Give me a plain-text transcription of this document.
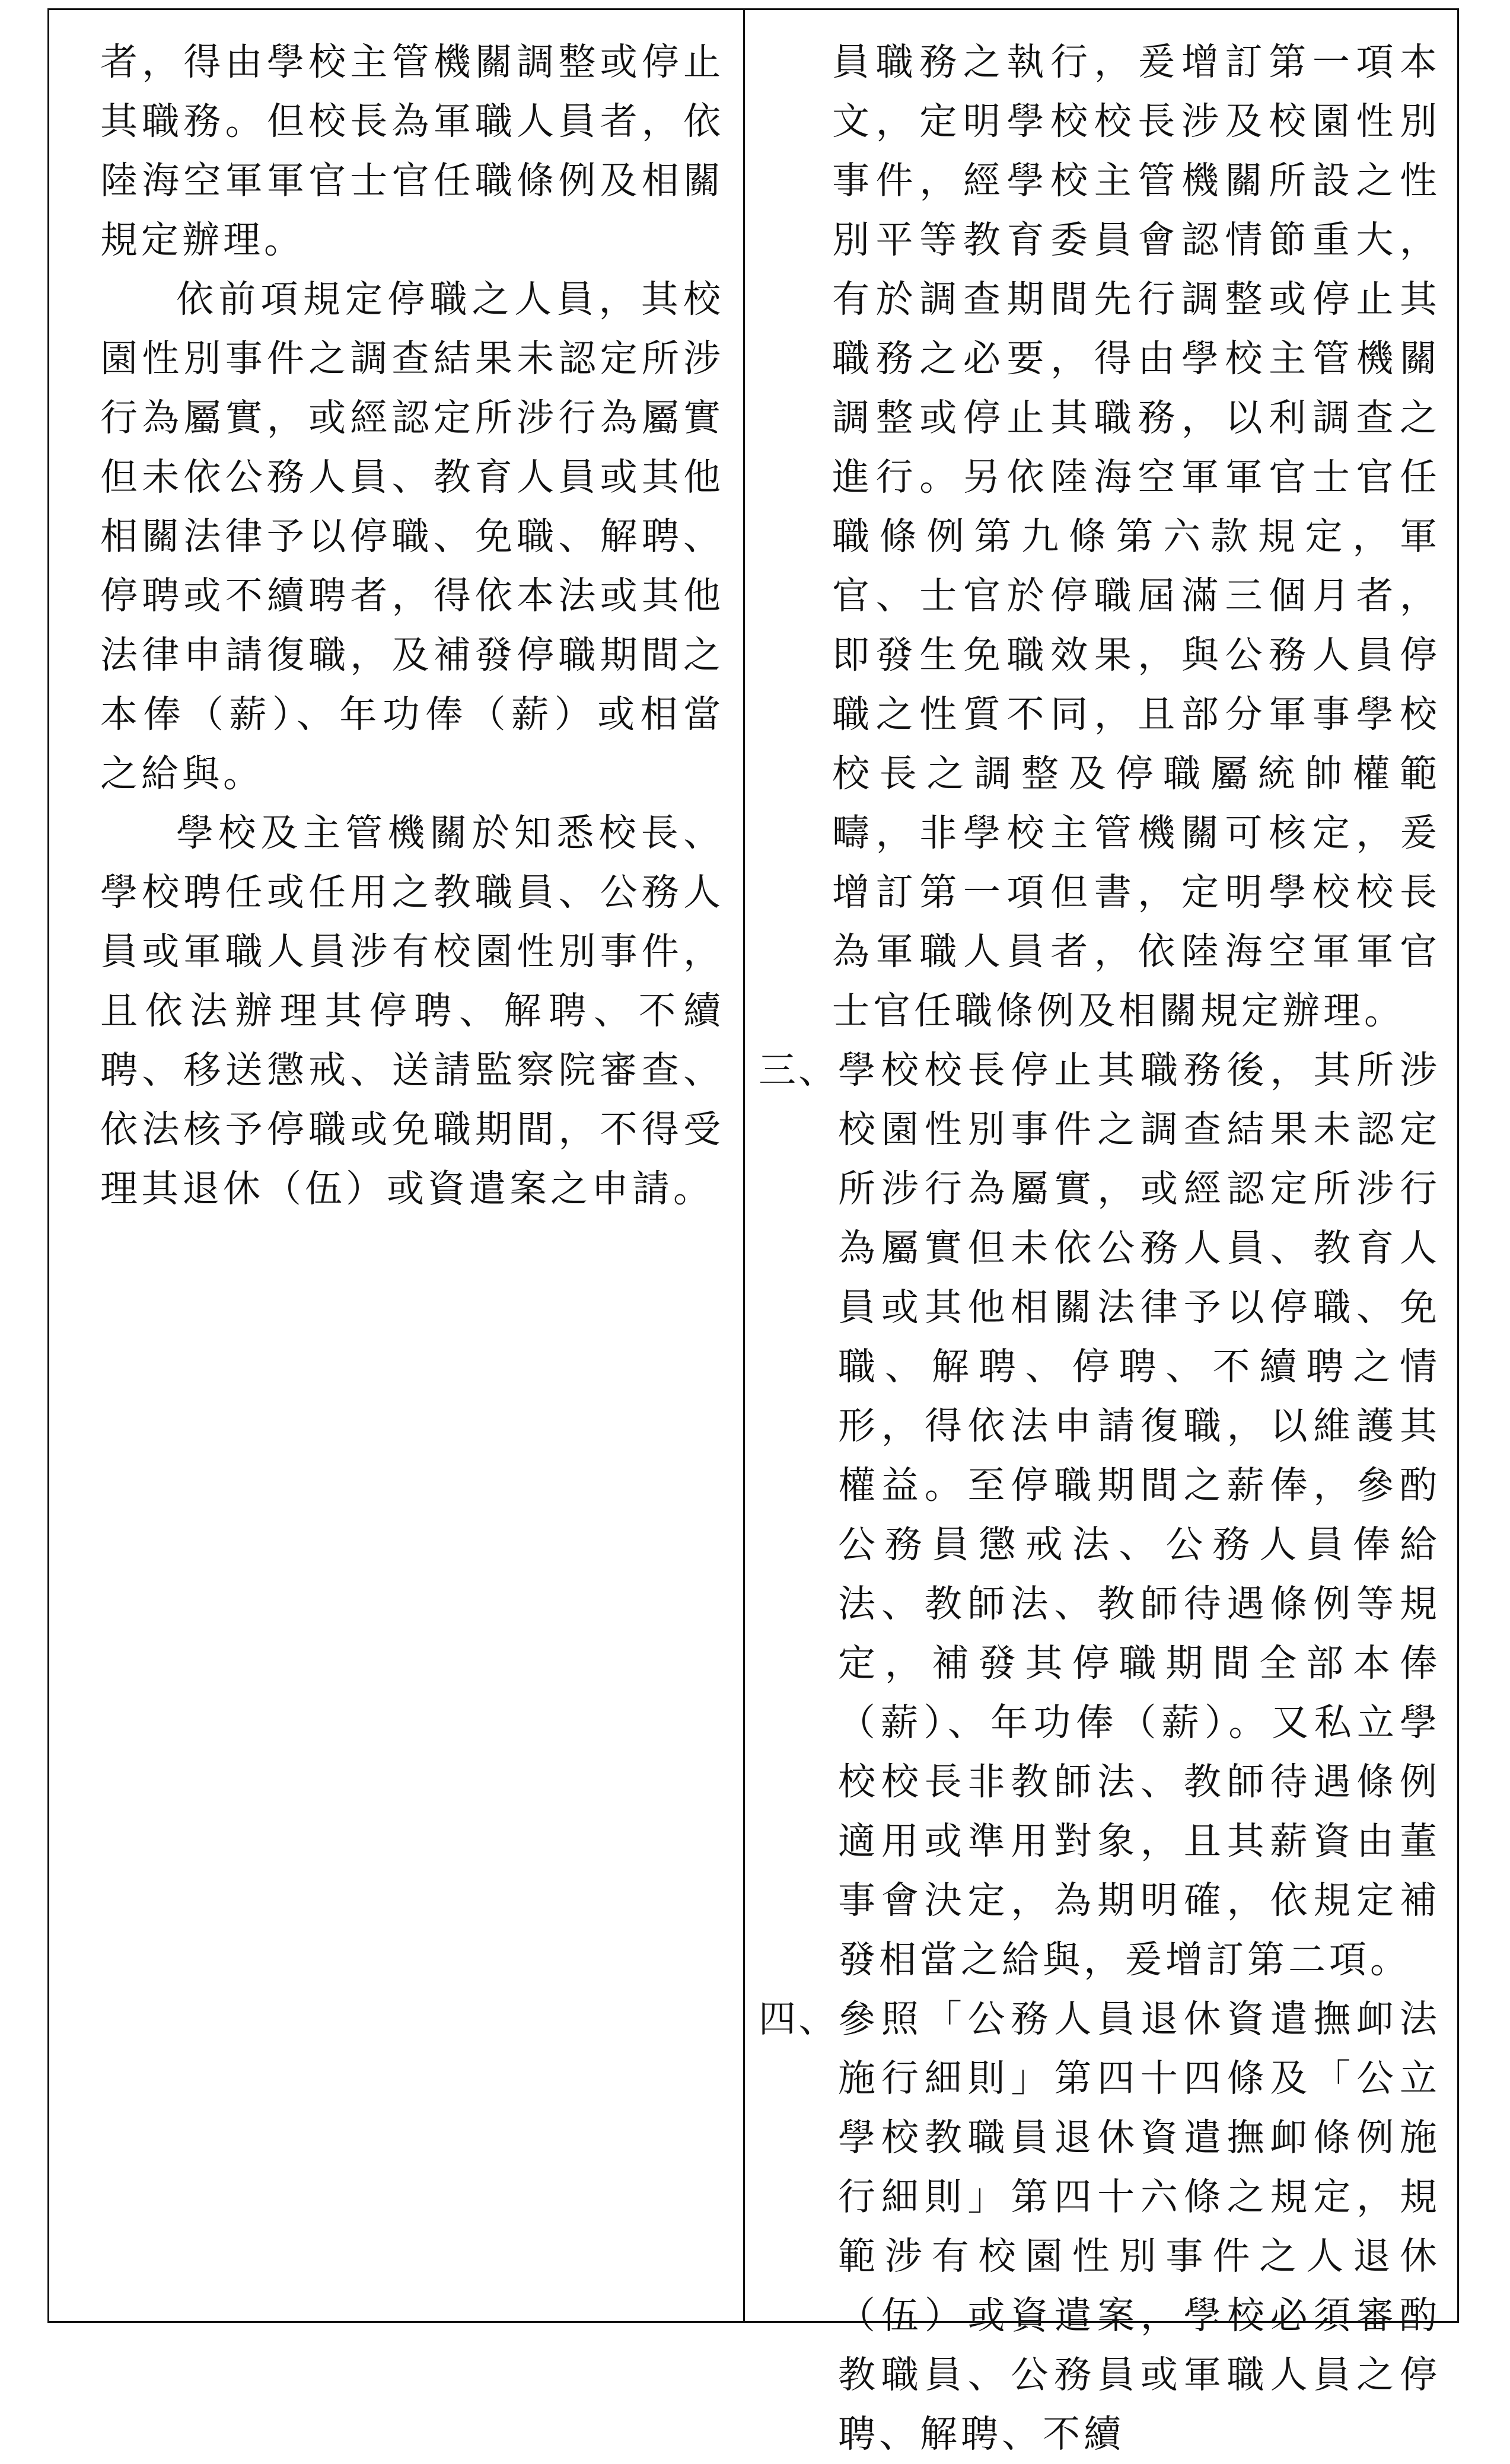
者，得由學校主管機關調整或停止其職務。但校長為軍職人員者，依陸海空軍軍官士官任職條例及相關規定辦理。

依前項規定停職之人員，其校園性別事件之調查結果未認定所涉行為屬實，或經認定所涉行為屬實但未依公務人員、教育人員或其他相關法律予以停職、免職、解聘、停聘或不續聘者，得依本法或其他法律申請復職，及補發停職期間之本俸（薪）、年功俸（薪）或相當之給與。

學校及主管機關於知悉校長、學校聘任或任用之教職員、公務人員或軍職人員涉有校園性別事件，且依法辦理其停聘、解聘、不續聘、移送懲戒、送請監察院審查、依法核予停職或免職期間，不得受理其退休（伍）或資遣案之申請。

員職務之執行，爰增訂第一項本文，定明學校校長涉及校園性別事件，經學校主管機關所設之性別平等教育委員會認情節重大，有於調查期間先行調整或停止其職務之必要，得由學校主管機關調整或停止其職務，以利調查之進行。另依陸海空軍軍官士官任職條例第九條第六款規定，軍官、士官於停職屆滿三個月者，即發生免職效果，與公務人員停職之性質不同，且部分軍事學校校長之調整及停職屬統帥權範疇，非學校主管機關可核定，爰增訂第一項但書，定明學校校長為軍職人員者，依陸海空軍軍官士官任職條例及相關規定辦理。

三、 學校校長停止其職務後，其所涉校園性別事件之調查結果未認定所涉行為屬實，或經認定所涉行為屬實但未依公務人員、教育人員或其他相關法律予以停職、免職、解聘、停聘、不續聘之情形，得依法申請復職，以維護其權益。至停職期間之薪俸，參酌公務員懲戒法、公務人員俸給法、教師法、教師待遇條例等規定，補發其停職期間全部本俸（薪）、年功俸（薪）。又私立學校校長非教師法、教師待遇條例適用或準用對象，且其薪資由董事會決定，為期明確，依規定補發相當之給與，爰增訂第二項。

四、 參照「公務人員退休資遣撫卹法施行細則」第四十四條及「公立學校教職員退休資遣撫卹條例施行細則」第四十六條之規定，規範涉有校園性別事件之人退休（伍）或資遣案，學校必須審酌教職員、公務員或軍職人員之停聘、解聘、不續
